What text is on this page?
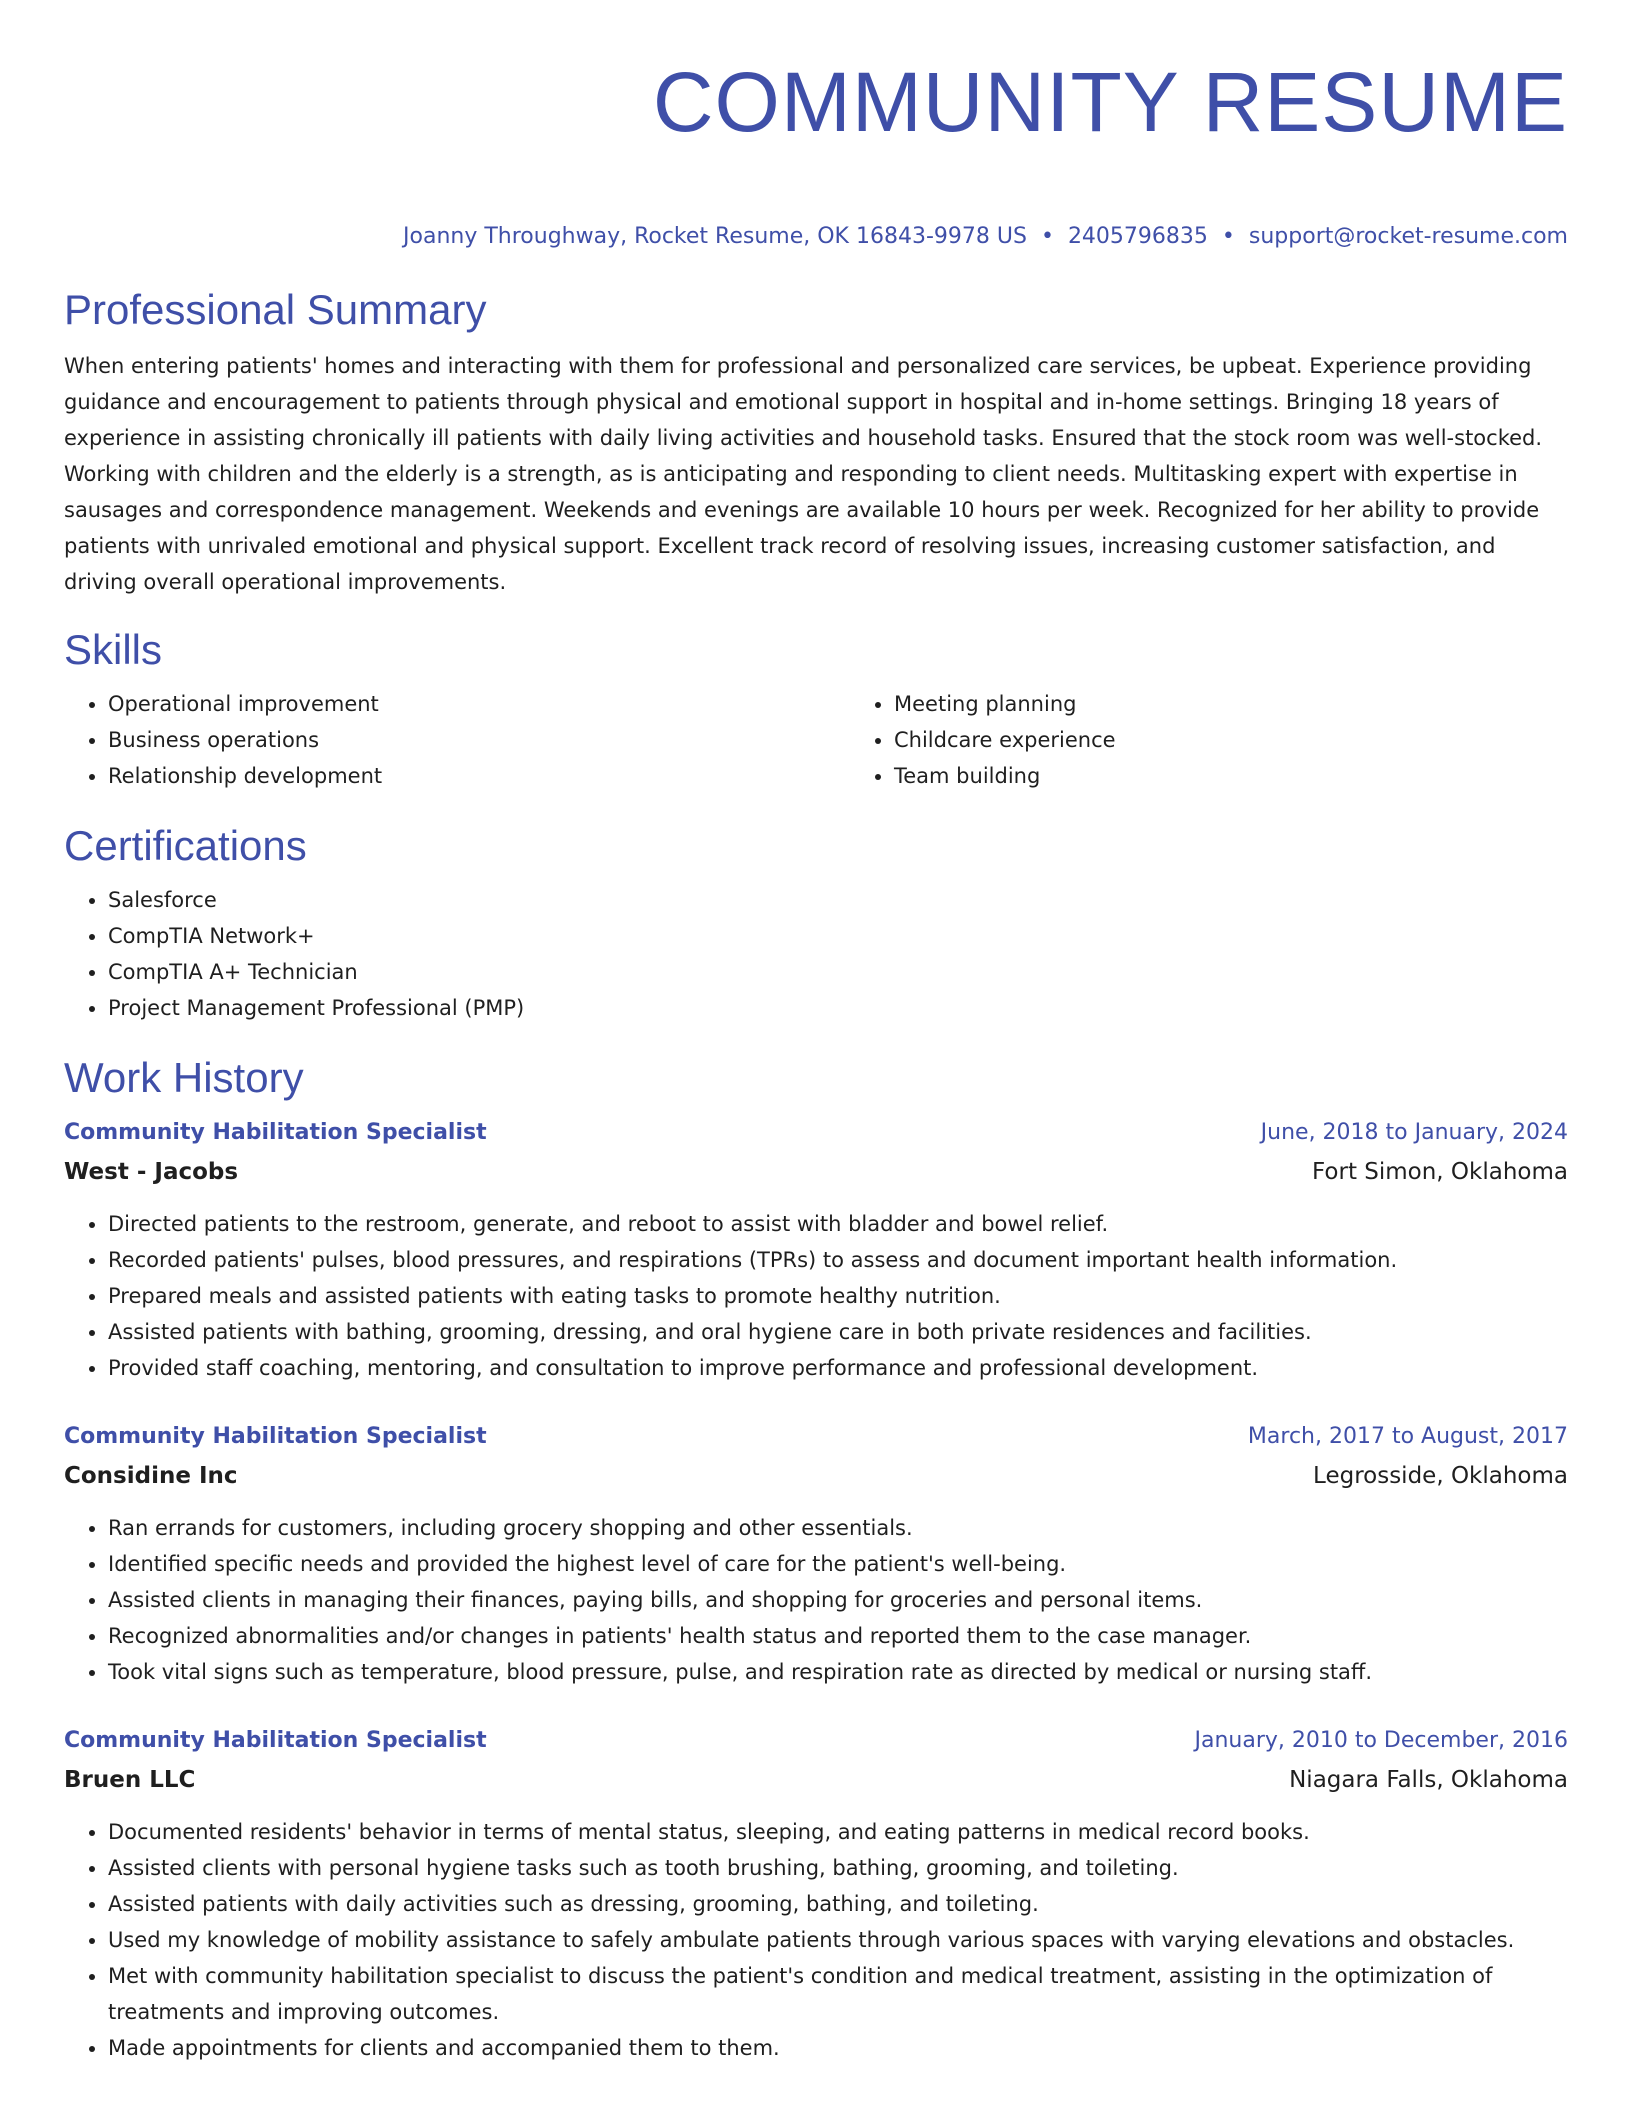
COMMUNITY RESUME
Joanny Throughway, Rocket Resume, OK 16843-9978 US • 2405796835 • support@rocket-resume.com
Professional Summary

When entering patients' homes and interacting with them for professional and personalized care services, be upbeat. Experience providing guidance and encouragement to patients through physical and emotional support in hospital and in-home settings. Bringing 18 years of experience in assisting chronically ill patients with daily living activities and household tasks. Ensured that the stock room was well-stocked. Working with children and the elderly is a strength, as is anticipating and responding to client needs. Multitasking expert with expertise in sausages and correspondence management. Weekends and evenings are available 10 hours per week. Recognized for her ability to provide patients with unrivaled emotional and physical support. Excellent track record of resolving issues, increasing customer satisfaction, and driving overall operational improvements.

Skills
• Operational improvement
• Business operations
• Relationship development
• Meeting planning
• Childcare experience
• Team building
Certifications
• Salesforce
• CompTIA Network+
• CompTIA A+ Technician
• Project Management Professional (PMP)
Work History
Community Habilitation Specialist	June, 2018 to January, 2024
West - Jacobs	Fort Simon, Oklahoma
• Directed patients to the restroom, generate, and reboot to assist with bladder and bowel relief.
• Recorded patients' pulses, blood pressures, and respirations (TPRs) to assess and document important health information.
• Prepared meals and assisted patients with eating tasks to promote healthy nutrition.
• Assisted patients with bathing, grooming, dressing, and oral hygiene care in both private residences and facilities.
• Provided staff coaching, mentoring, and consultation to improve performance and professional development.
Community Habilitation Specialist	March, 2017 to August, 2017
Considine Inc	Legrosside, Oklahoma
• Ran errands for customers, including grocery shopping and other essentials.
• Identified specific needs and provided the highest level of care for the patient's well-being.
• Assisted clients in managing their finances, paying bills, and shopping for groceries and personal items.
• Recognized abnormalities and/or changes in patients' health status and reported them to the case manager.
• Took vital signs such as temperature, blood pressure, pulse, and respiration rate as directed by medical or nursing staff.
Community Habilitation Specialist	January, 2010 to December, 2016
Bruen LLC	Niagara Falls, Oklahoma
• Documented residents' behavior in terms of mental status, sleeping, and eating patterns in medical record books.
• Assisted clients with personal hygiene tasks such as tooth brushing, bathing, grooming, and toileting.
• Assisted patients with daily activities such as dressing, grooming, bathing, and toileting.
• Used my knowledge of mobility assistance to safely ambulate patients through various spaces with varying elevations and obstacles.
• Met with community habilitation specialist to discuss the patient's condition and medical treatment, assisting in the optimization of treatments and improving outcomes.
• Made appointments for clients and accompanied them to them.
